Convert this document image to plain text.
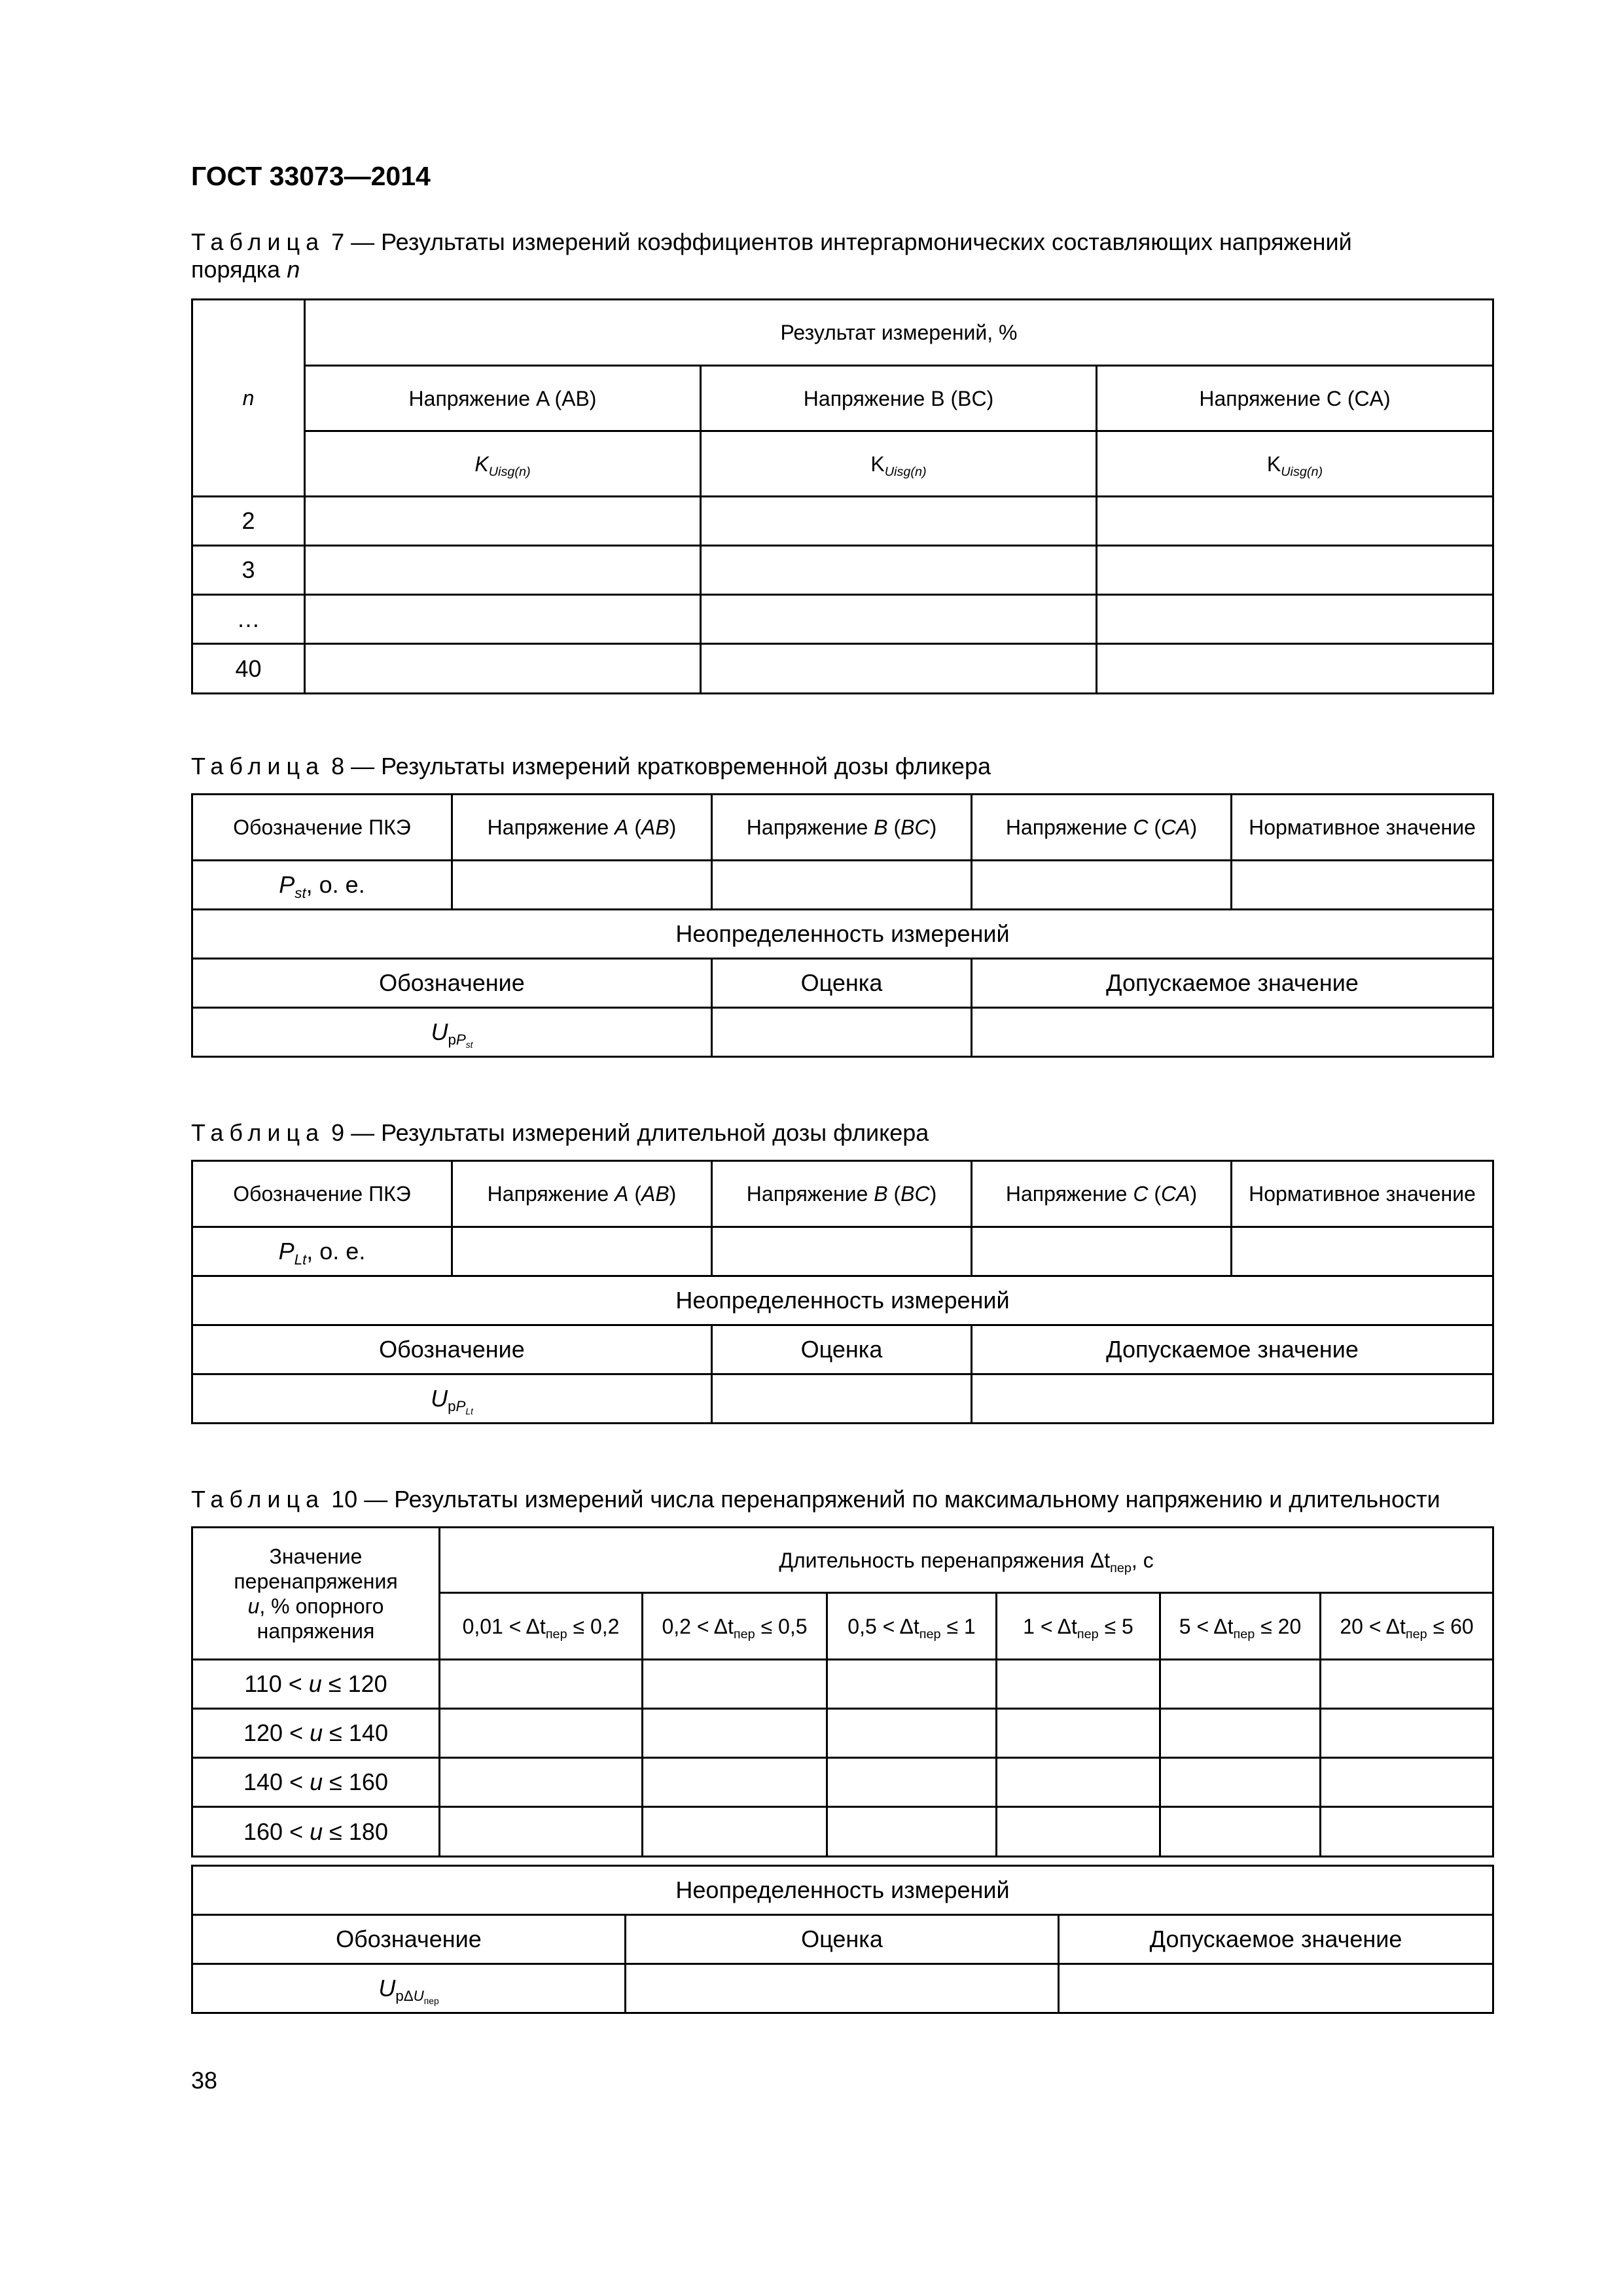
ГОСТ 33073—2014
Таблица 7 — Результаты измерений коэффициентов интергармонических составляющих напряжений
порядка n
n	Результат измерений, %		
	Напряжение A (AB)	Напряжение B (BC)	Напряжение C (CA)
	$K_{Uisg(n)}$	$K_{Uisg(n)}$	$K_{Uisg(n)}$
2			
3			
…			
40			
Таблица 8 — Результаты измерений кратковременной дозы фликера
Обозначение ПКЭ	Напряжение A (AB)	Напряжение B (BC)	Напряжение C (CA)	Нормативное значение
$P_{st}$, о. е.				
Неопределенность измерений				
Обозначение		Оценка	Допускаемое значение	
$U_{pP_{st}}$		
Таблица 9 — Результаты измерений длительной дозы фликера
Обозначение ПКЭ	Напряжение A (AB)	Напряжение B (BC)	Напряжение C (CA)	Нормативное значение
$P_{Lt}$, о. е.				
Неопределенность измерений				
Обозначение		Оценка	Допускаемое значение	
$U_{pP_{Lt}}$		
Таблица 10 — Результаты измерений числа перенапряжений по максимальному напряжению и длительности
Значение
перенапряжения
u, % опорного
напряжения	Длительность перенапряжения $\Delta t_{пер}$, с					
	$0,01 < \Delta t_{пер} \le 0,2$	$0,2 < \Delta t_{пер} \le 0,5$	$0,5 < \Delta t_{пер} \le 1$	$1 < \Delta t_{пер} \le 5$	$5 < \Delta t_{пер} \le 20$	$20 < \Delta t_{пер} \le 60$
110 < u ≤ 120						
120 < u ≤ 140						
140 < u ≤ 160						
160 < u ≤ 180						
Неопределенность измерений		
Обозначение	Оценка	Допускаемое значение
$U_{p\Delta U_{пер}}$		
38
